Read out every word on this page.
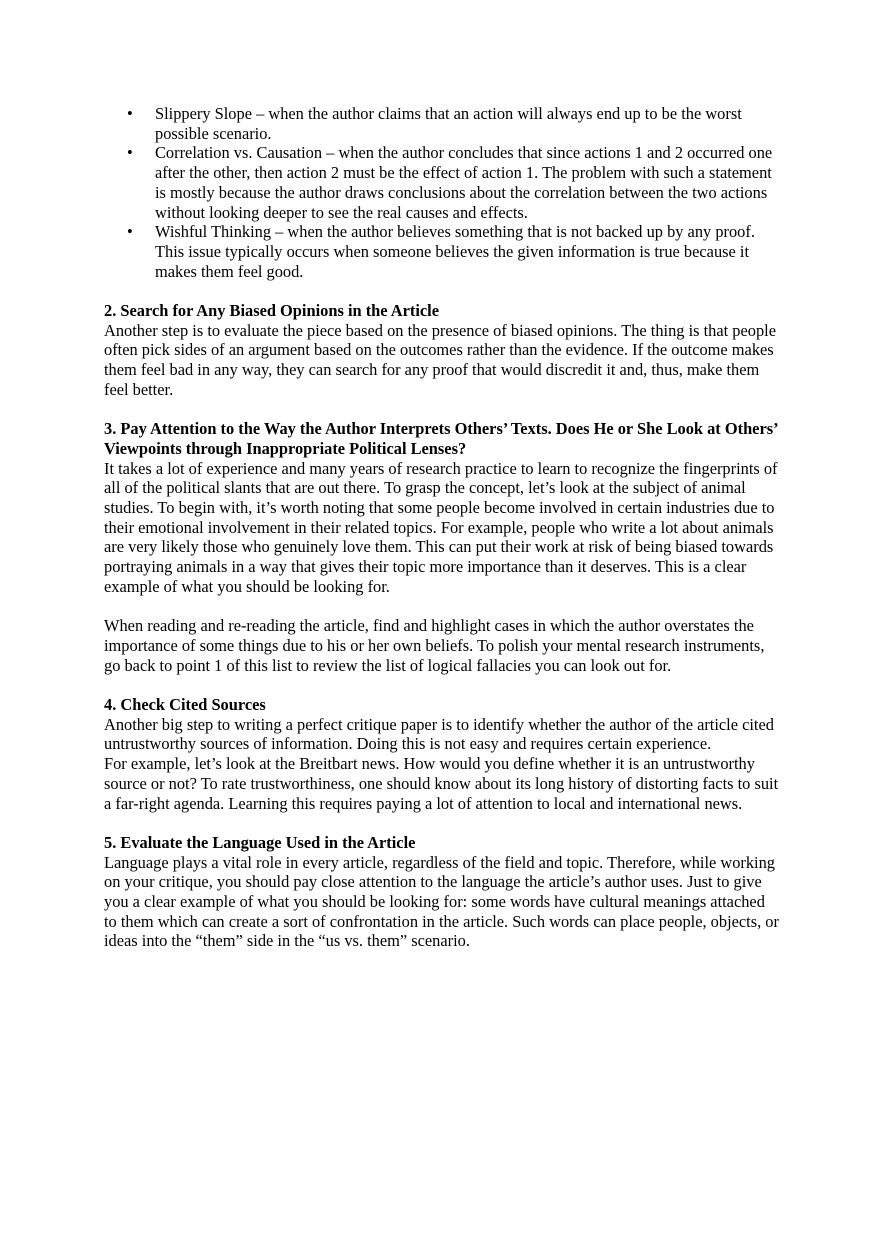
• Slippery Slope – when the author claims that an action will always end up to be the worst possible scenario.
• Correlation vs. Causation – when the author concludes that since actions 1 and 2 occurred one after the other, then action 2 must be the effect of action 1. The problem with such a statement is mostly because the author draws conclusions about the correlation between the two actions without looking deeper to see the real causes and effects.
• Wishful Thinking – when the author believes something that is not backed up by any proof. This issue typically occurs when someone believes the given information is true because it makes them feel good.

2. Search for Any Biased Opinions in the Article

Another step is to evaluate the piece based on the presence of biased opinions. The thing is that people often pick sides of an argument based on the outcomes rather than the evidence. If the outcome makes them feel bad in any way, they can search for any proof that would discredit it and, thus, make them feel better.

3. Pay Attention to the Way the Author Interprets Others’ Texts. Does He or She Look at Others’ Viewpoints through Inappropriate Political Lenses?

It takes a lot of experience and many years of research practice to learn to recognize the fingerprints of all of the political slants that are out there. To grasp the concept, let’s look at the subject of animal studies. To begin with, it’s worth noting that some people become involved in certain industries due to their emotional involvement in their related topics. For example, people who write a lot about animals are very likely those who genuinely love them. This can put their work at risk of being biased towards portraying animals in a way that gives their topic more importance than it deserves. This is a clear example of what you should be looking for.

When reading and re-reading the article, find and highlight cases in which the author overstates the importance of some things due to his or her own beliefs. To polish your mental research instruments, go back to point 1 of this list to review the list of logical fallacies you can look out for.

4. Check Cited Sources

Another big step to writing a perfect critique paper is to identify whether the author of the article cited untrustworthy sources of information. Doing this is not easy and requires certain experience.

For example, let’s look at the Breitbart news. How would you define whether it is an untrustworthy source or not? To rate trustworthiness, one should know about its long history of distorting facts to suit a far-right agenda. Learning this requires paying a lot of attention to local and international news.

5. Evaluate the Language Used in the Article

Language plays a vital role in every article, regardless of the field and topic. Therefore, while working on your critique, you should pay close attention to the language the article’s author uses. Just to give you a clear example of what you should be looking for: some words have cultural meanings attached to them which can create a sort of confrontation in the article. Such words can place people, objects, or ideas into the “them” side in the “us vs. them” scenario.
